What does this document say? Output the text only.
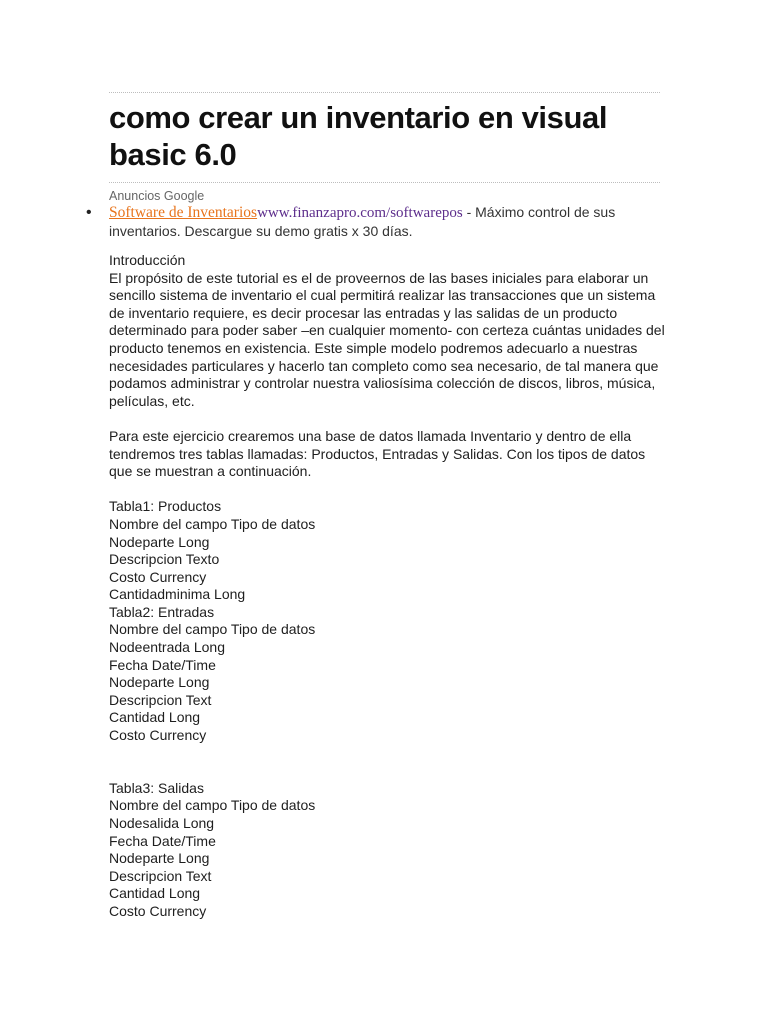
como crear un inventario en visual basic 6.0
Anuncios Google
• Software de Inventarioswww.finanzapro.com/softwarepos - Máximo control de sus inventarios. Descargue su demo gratis x 30 días.

Introducción

El propósito de este tutorial es el de proveernos de las bases iniciales para elaborar un sencillo sistema de inventario el cual permitirá realizar las transacciones que un sistema de inventario requiere, es decir procesar las entradas y las salidas de un producto determinado para poder saber –en cualquier momento- con certeza cuántas unidades del producto tenemos en existencia. Este simple modelo podremos adecuarlo a nuestras necesidades particulares y hacerlo tan completo como sea necesario, de tal manera que podamos administrar y controlar nuestra valiosísima colección de discos, libros, música, películas, etc.

Para este ejercicio crearemos una base de datos llamada Inventario y dentro de ella tendremos tres tablas llamadas: Productos, Entradas y Salidas. Con los tipos de datos que se muestran a continuación.

Tabla1: Productos
Nombre del campo Tipo de datos
Nodeparte Long
Descripcion Texto
Costo Currency
Cantidadminima Long
Tabla2: Entradas
Nombre del campo Tipo de datos
Nodeentrada Long
Fecha Date/Time
Nodeparte Long
Descripcion Text
Cantidad Long
Costo Currency
Tabla3: Salidas
Nombre del campo Tipo de datos
Nodesalida Long
Fecha Date/Time
Nodeparte Long
Descripcion Text
Cantidad Long
Costo Currency
